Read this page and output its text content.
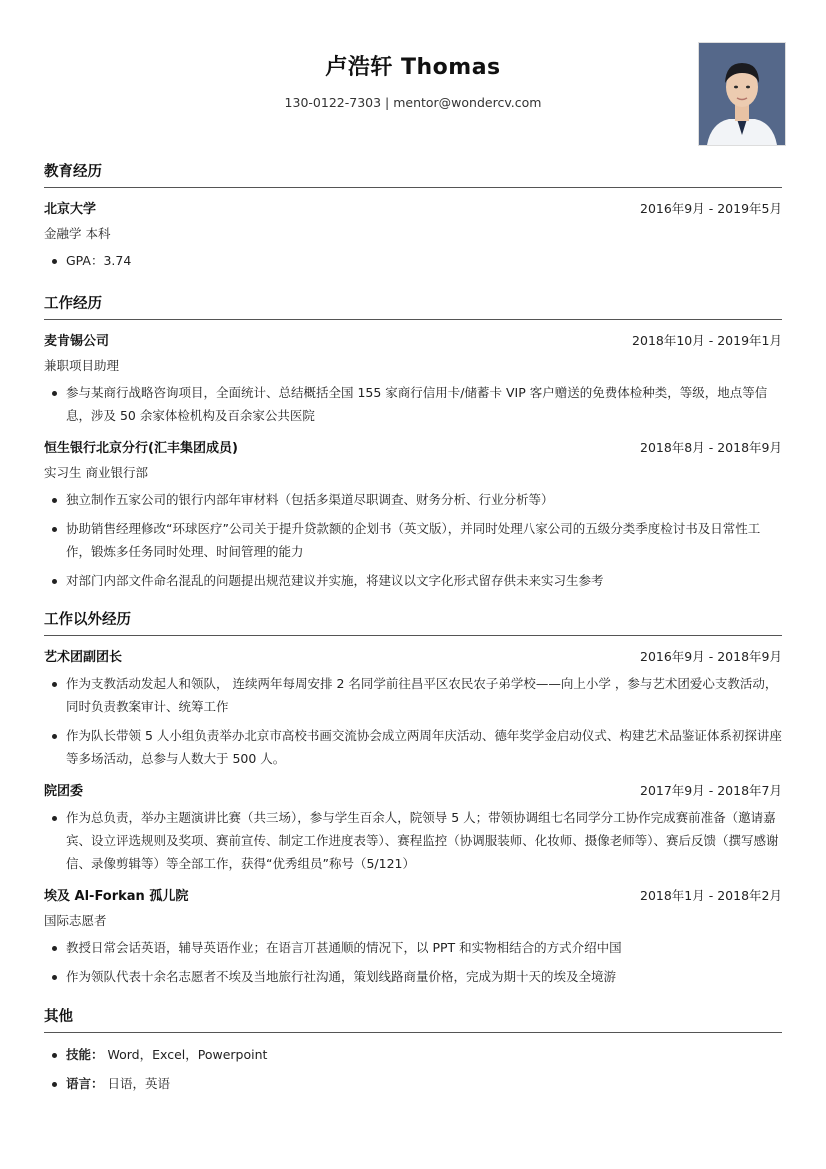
卢浩轩 Thomas
130-0122-7303 | mentor@wondercv.com
教育经历
北京大学	2016年9月 - 2019年5月
金融学 本科
GPA：3.74
工作经历
麦肯锡公司	2018年10月 - 2019年1月
兼职项目助理
参与某商行战略咨询项目，全面统计、总结概括全国 155 家商行信用卡/储蓄卡 VIP 客户赠送的免费体检种类，等级，地点等信息，涉及 50 余家体检机构及百余家公共医院
恒生银行北京分行(汇丰集团成员)	2018年8月 - 2018年9月
实习生 商业银行部
独立制作五家公司的银行内部年审材料（包括多渠道尽职调查、财务分析、行业分析等）
协助销售经理修改“环球医疗”公司关于提升贷款额的企划书（英文版），并同时处理八家公司的五级分类季度检讨书及日常性工作，锻炼多任务同时处理、时间管理的能力
对部门内部文件命名混乱的问题提出规范建议并实施，将建议以文字化形式留存供未来实习生参考
工作以外经历
艺术团副团长	2016年9月 - 2018年9月
作为支教活动发起人和领队， 连续两年每周安排 2 名同学前往昌平区农民农子弟学校——向上小学 ，参与艺术团爱心支教活动，同时负责教案审计、统筹工作
作为队长带领 5 人小组负责举办北京市高校书画交流协会成立两周年庆活动、德年奖学金启动仪式、构建艺术品鉴证体系初探讲座等多场活动，总参与人数大于 500 人。
院团委	2017年9月 - 2018年7月
作为总负责，举办主题演讲比赛（共三场），参与学生百余人，院领导 5 人；带领协调组七名同学分工协作完成赛前准备（邀请嘉宾、设立评选规则及奖项、赛前宣传、制定工作进度表等）、赛程监控（协调服装师、化妆师、摄像老师等）、赛后反馈（撰写感谢信、录像剪辑等）等全部工作，获得“优秀组员”称号（5/121）
埃及 Al-Forkan 孤儿院	2018年1月 - 2018年2月
国际志愿者
教授日常会话英语，辅导英语作业；在语言丌甚通顺的情况下，以 PPT 和实物相结合的方式介绍中国
作为领队代表十余名志愿者不埃及当地旅行社沟通，策划线路商量价格，完成为期十天的埃及全境游
其他
技能： Word，Excel，Powerpoint
语言： 日语，英语
